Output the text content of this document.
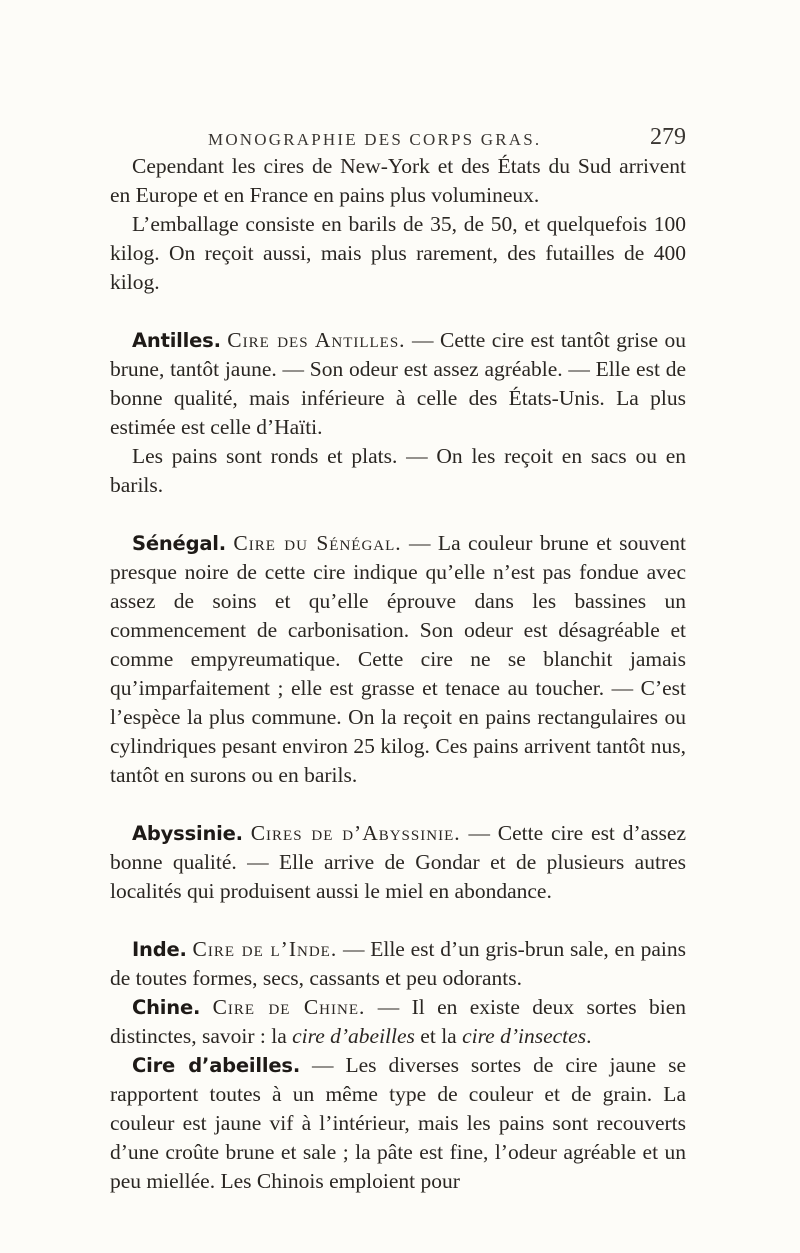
MONOGRAPHIE DES CORPS GRAS.	279

Cependant les cires de New-York et des États du Sud arrivent en Europe et en France en pains plus volumineux.

L’emballage consiste en barils de 35, de 50, et quelquefois 100 kilog. On reçoit aussi, mais plus rarement, des futailles de 400 kilog.

Antilles. Cire des Antilles. — Cette cire est tantôt grise ou brune, tantôt jaune. — Son odeur est assez agréable. — Elle est de bonne qualité, mais inférieure à celle des États-Unis. La plus estimée est celle d’Haïti.

Les pains sont ronds et plats. — On les reçoit en sacs ou en barils.

Sénégal. Cire du Sénégal. — La couleur brune et souvent presque noire de cette cire indique qu’elle n’est pas fondue avec assez de soins et qu’elle éprouve dans les bassines un commencement de carbonisation. Son odeur est désagréable et comme empyreumatique. Cette cire ne se blanchit jamais qu’imparfaitement ; elle est grasse et tenace au toucher. — C’est l’espèce la plus commune. On la reçoit en pains rectangulaires ou cylindriques pesant environ 25 kilog. Ces pains arrivent tantôt nus, tantôt en surons ou en barils.

Abyssinie. Cires de d’Abyssinie. — Cette cire est d’assez bonne qualité. — Elle arrive de Gondar et de plusieurs autres localités qui produisent aussi le miel en abondance.

Inde. Cire de l’Inde. — Elle est d’un gris-brun sale, en pains de toutes formes, secs, cassants et peu odorants.

Chine. Cire de Chine. — Il en existe deux sortes bien distinctes, savoir : la cire d’abeilles et la cire d’insectes.

Cire d’abeilles. — Les diverses sortes de cire jaune se rapportent toutes à un même type de couleur et de grain. La couleur est jaune vif à l’intérieur, mais les pains sont recouverts d’une croûte brune et sale ; la pâte est fine, l’odeur agréable et un peu miellée. Les Chinois emploient pour
